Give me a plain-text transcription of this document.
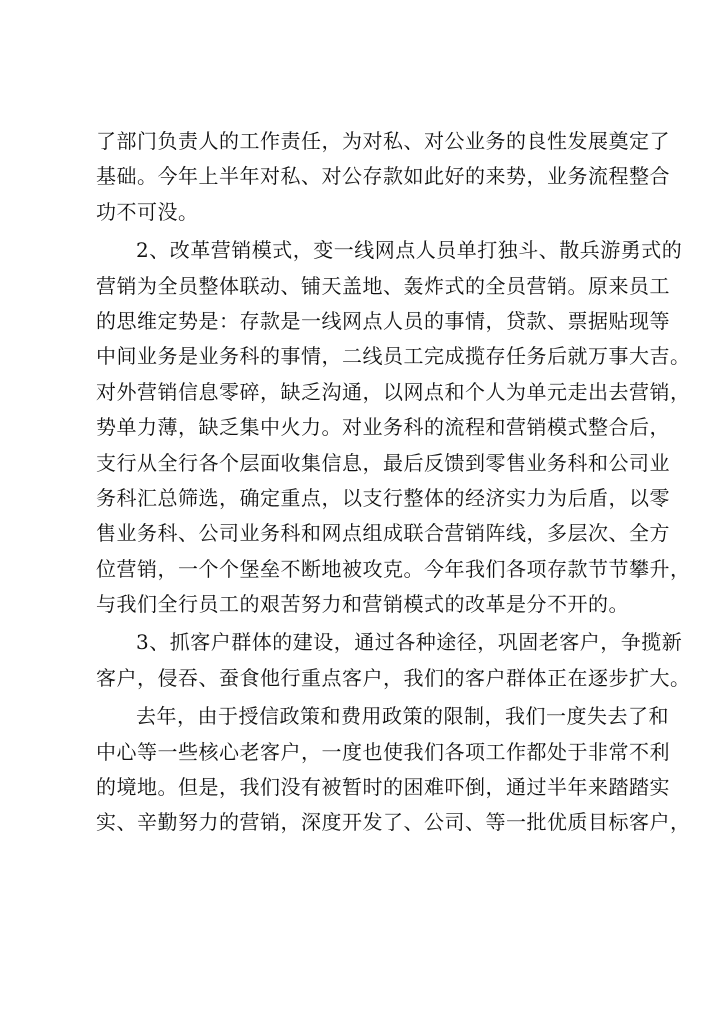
了部门负责人的工作责任，为对私、对公业务的良性发展奠定了
基础。今年上半年对私、对公存款如此好的来势，业务流程整合
功不可没。
2、改革营销模式，变一线网点人员单打独斗、散兵游勇式的
营销为全员整体联动、铺天盖地、轰炸式的全员营销。原来员工
的思维定势是：存款是一线网点人员的事情，贷款、票据贴现等
中间业务是业务科的事情，二线员工完成揽存任务后就万事大吉。
对外营销信息零碎，缺乏沟通，以网点和个人为单元走出去营销，
势单力薄，缺乏集中火力。对业务科的流程和营销模式整合后，
支行从全行各个层面收集信息，最后反馈到零售业务科和公司业
务科汇总筛选，确定重点，以支行整体的经济实力为后盾，以零
售业务科、公司业务科和网点组成联合营销阵线，多层次、全方
位营销，一个个堡垒不断地被攻克。今年我们各项存款节节攀升，
与我们全行员工的艰苦努力和营销模式的改革是分不开的。
3、抓客户群体的建设，通过各种途径，巩固老客户，争揽新
客户，侵吞、蚕食他行重点客户，我们的客户群体正在逐步扩大。
去年，由于授信政策和费用政策的限制，我们一度失去了和
中心等一些核心老客户，一度也使我们各项工作都处于非常不利
的境地。但是，我们没有被暂时的困难吓倒，通过半年来踏踏实
实、辛勤努力的营销，深度开发了、公司、等一批优质目标客户，
